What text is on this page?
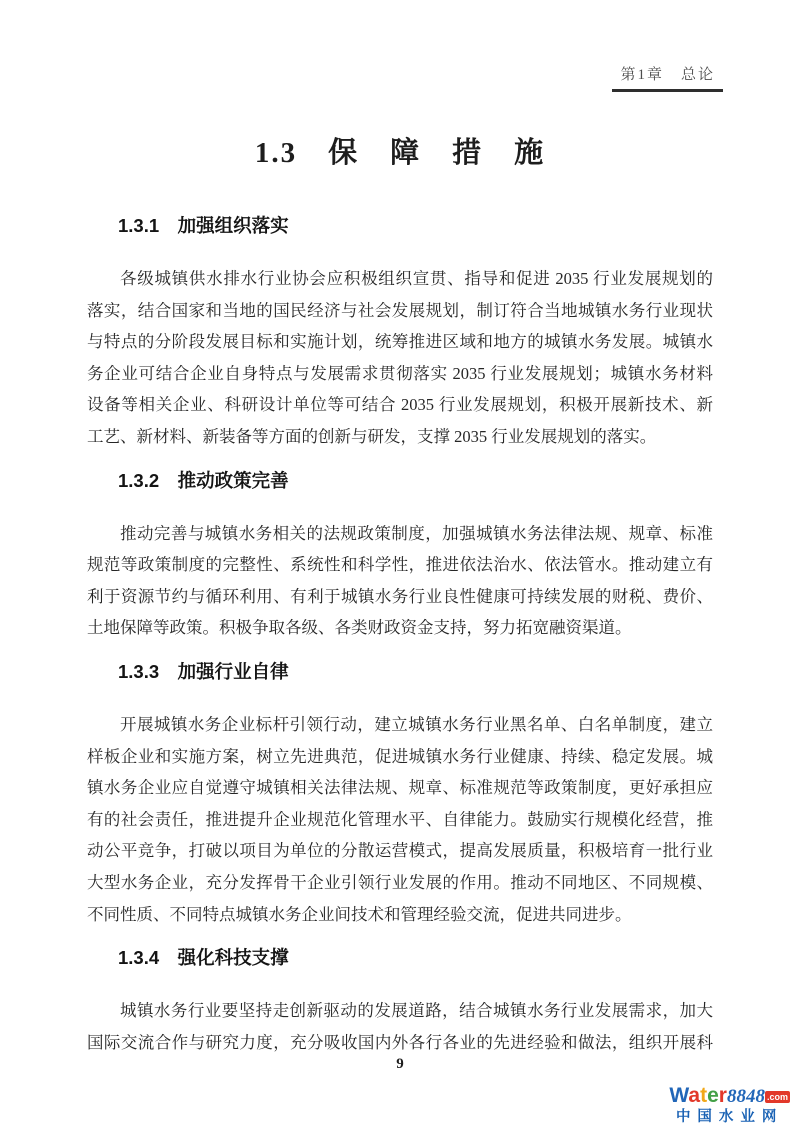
第1章　总论
1.3　保　障　措　施
1.3.1　加强组织落实
各级城镇供水排水行业协会应积极组织宣贯、指导和促进 2035 行业发展规划的
落实，结合国家和当地的国民经济与社会发展规划，制订符合当地城镇水务行业现状
与特点的分阶段发展目标和实施计划，统筹推进区域和地方的城镇水务发展。城镇水
务企业可结合企业自身特点与发展需求贯彻落实 2035 行业发展规划；城镇水务材料
设备等相关企业、科研设计单位等可结合 2035 行业发展规划，积极开展新技术、新
工艺、新材料、新装备等方面的创新与研发，支撑 2035 行业发展规划的落实。
1.3.2　推动政策完善
推动完善与城镇水务相关的法规政策制度，加强城镇水务法律法规、规章、标准
规范等政策制度的完整性、系统性和科学性，推进依法治水、依法管水。推动建立有
利于资源节约与循环利用、有利于城镇水务行业良性健康可持续发展的财税、费价、
土地保障等政策。积极争取各级、各类财政资金支持，努力拓宽融资渠道。
1.3.3　加强行业自律
开展城镇水务企业标杆引领行动，建立城镇水务行业黑名单、白名单制度，建立
样板企业和实施方案，树立先进典范，促进城镇水务行业健康、持续、稳定发展。城
镇水务企业应自觉遵守城镇相关法律法规、规章、标准规范等政策制度，更好承担应
有的社会责任，推进提升企业规范化管理水平、自律能力。鼓励实行规模化经营，推
动公平竞争，打破以项目为单位的分散运营模式，提高发展质量，积极培育一批行业
大型水务企业，充分发挥骨干企业引领行业发展的作用。推动不同地区、不同规模、
不同性质、不同特点城镇水务企业间技术和管理经验交流，促进共同进步。
1.3.4　强化科技支撑
城镇水务行业要坚持走创新驱动的发展道路，结合城镇水务行业发展需求，加大
国际交流合作与研究力度，充分吸收国内外各行各业的先进经验和做法，组织开展科
9
Water8848 .com
中国水业网
